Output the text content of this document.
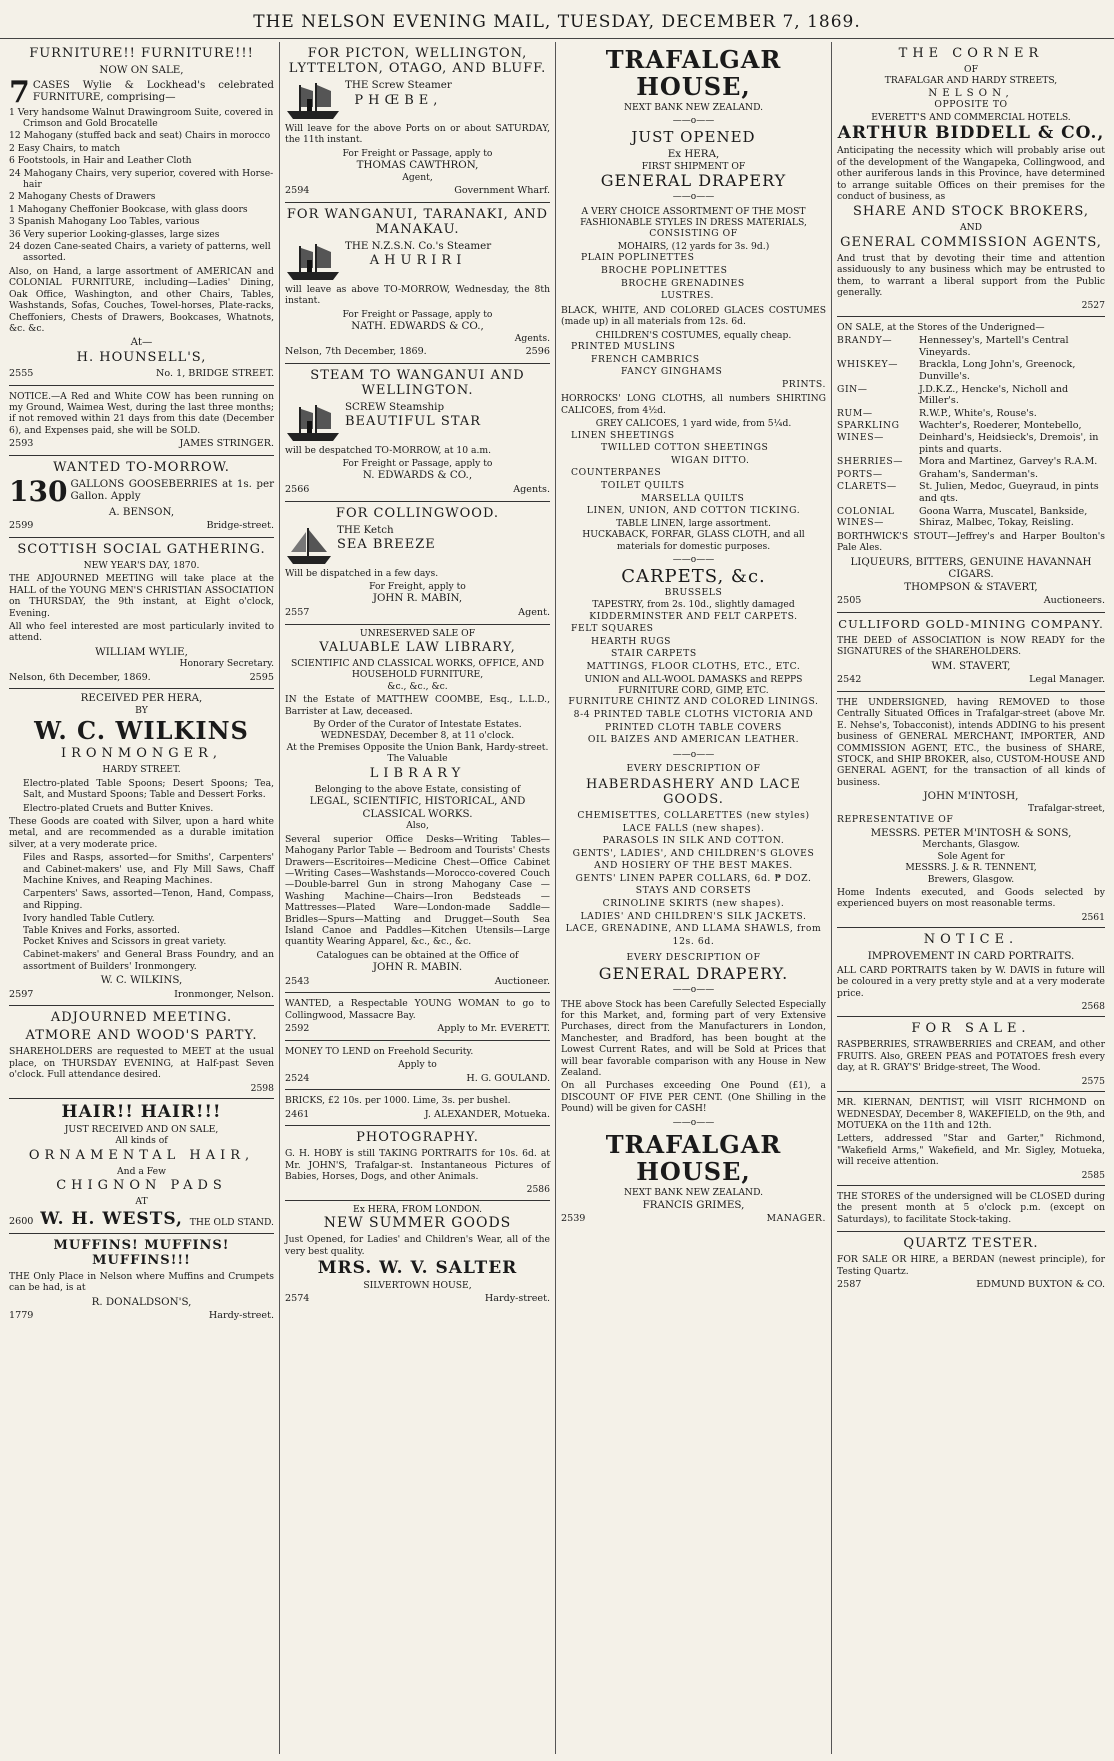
THE NELSON EVENING MAIL, TUESDAY, DECEMBER 7, 1869.
FURNITURE!! FURNITURE!!!
NOW ON SALE,
7 CASES Wylie & Lockhead's celebrated FURNITURE, comprising—
1 Very handsome Walnut Drawingroom Suite, covered in Crimson and Gold Brocatelle
12 Mahogany (stuffed back and seat) Chairs in morocco
2 Easy Chairs, to match
6 Footstools, in Hair and Leather Cloth
24 Mahogany Chairs, very superior, covered with Horse-hair
2 Mahogany Chests of Drawers
1 Mahogany Cheffonier Bookcase, with glass doors
3 Spanish Mahogany Loo Tables, various
36 Very superior Looking-glasses, large sizes
24 dozen Cane-seated Chairs, a variety of patterns, well assorted.
Also, on Hand, a large assortment of AMERICAN and COLONIAL FURNITURE, including—Ladies' Dining, Oak Office, Washington, and other Chairs, Tables, Washstands, Sofas, Couches, Towel-horses, Plate-racks, Cheffoniers, Chests of Drawers, Bookcases, Whatnots, &c. &c.
At—
H. HOUNSELL'S,
2555	No. 1, BRIDGE STREET.
NOTICE.—A Red and White COW has been running on my Ground, Waimea West, during the last three months; if not removed within 21 days from this date (December 6), and Expenses paid, she will be SOLD.
2593	JAMES STRINGER.
WANTED TO-MORROW.
130 GALLONS GOOSEBERRIES at 1s. per Gallon. Apply
A. BENSON,
2599	Bridge-street.
SCOTTISH SOCIAL GATHERING.
NEW YEAR'S DAY, 1870.
THE ADJOURNED MEETING will take place at the HALL of the YOUNG MEN'S CHRISTIAN ASSOCIATION on THURSDAY, the 9th instant, at Eight o'clock, Evening.
All who feel interested are most particularly invited to attend.
WILLIAM WYLIE,
Honorary Secretary.
Nelson, 6th December, 1869.	2595
RECEIVED PER HERA,
BY
W. C. WILKINS
IRONMONGER,
HARDY STREET.
Electro-plated Table Spoons; Desert Spoons; Tea, Salt, and Mustard Spoons; Table and Dessert Forks.
Electro-plated Cruets and Butter Knives.
These Goods are coated with Silver, upon a hard white metal, and are recommended as a durable imitation silver, at a very moderate price.
Files and Rasps, assorted—for Smiths', Carpenters' and Cabinet-makers' use, and Fly Mill Saws, Chaff Machine Knives, and Reaping Machines.
Carpenters' Saws, assorted—Tenon, Hand, Compass, and Ripping.
Ivory handled Table Cutlery.
Table Knives and Forks, assorted.
Pocket Knives and Scissors in great variety.
Cabinet-makers' and General Brass Foundry, and an assortment of Builders' Ironmongery.
W. C. WILKINS,
2597	Ironmonger, Nelson.
ADJOURNED MEETING.
ATMORE AND WOOD'S PARTY.
SHAREHOLDERS are requested to MEET at the usual place, on THURSDAY EVENING, at Half-past Seven o'clock. Full attendance desired.
2598
HAIR!! HAIR!!!
JUST RECEIVED AND ON SALE,
All kinds of
ORNAMENTAL HAIR,
And a Few
CHIGNON PADS
AT
2600 W. H. WESTS, THE OLD STAND.
MUFFINS! MUFFINS! MUFFINS!!!
THE Only Place in Nelson where Muffins and Crumpets can be had, is at
R. DONALDSON'S,
1779	Hardy-street.
FOR PICTON, WELLINGTON, LYTTELTON, OTAGO, AND BLUFF.
THE Screw Steamer
PHŒBE,
Will leave for the above Ports on or about SATURDAY, the 11th instant.
For Freight or Passage, apply to
THOMAS CAWTHRON,
Agent,
2594	Government Wharf.
FOR WANGANUI, TARANAKI, AND MANAKAU.
THE N.Z.S.N. Co.'s Steamer
AHURIRI
will leave as above TO-MORROW, Wednesday, the 8th instant.
For Freight or Passage, apply to
NATH. EDWARDS & CO.,
Agents.
Nelson, 7th December, 1869.	2596
STEAM TO WANGANUI AND WELLINGTON.
SCREW Steamship
BEAUTIFUL STAR
will be despatched TO-MORROW, at 10 a.m.
For Freight or Passage, apply to
N. EDWARDS & CO.,
2566	Agents.
FOR COLLINGWOOD.
THE Ketch
SEA BREEZE
Will be dispatched in a few days.
For Freight, apply to
JOHN R. MABIN,
2557	Agent.
UNRESERVED SALE OF
VALUABLE LAW LIBRARY,
SCIENTIFIC AND CLASSICAL WORKS, OFFICE, AND HOUSEHOLD FURNITURE,
&c., &c., &c.
IN the Estate of MATTHEW COOMBE, Esq., L.L.D., Barrister at Law, deceased.
By Order of the Curator of Intestate Estates.
WEDNESDAY, December 8, at 11 o'clock.
At the Premises Opposite the Union Bank, Hardy-street.
The Valuable
LIBRARY
Belonging to the above Estate, consisting of
LEGAL, SCIENTIFIC, HISTORICAL, AND CLASSICAL WORKS.
Also,
Several superior Office Desks—Writing Tables—Mahogany Parlor Table — Bedroom and Tourists' Chests Drawers—Escritoires—Medicine Chest—Office Cabinet—Writing Cases—Washstands—Morocco-covered Couch—Double-barrel Gun in strong Mahogany Case — Washing Machine—Chairs—Iron Bedsteads — Mattresses—Plated Ware—London-made Saddle—Bridles—Spurs—Matting and Drugget—South Sea Island Canoe and Paddles—Kitchen Utensils—Large quantity Wearing Apparel, &c., &c., &c.
Catalogues can be obtained at the Office of
JOHN R. MABIN.
2543	Auctioneer.
WANTED, a Respectable YOUNG WOMAN to go to Collingwood, Massacre Bay.
2592	Apply to Mr. EVERETT.
MONEY TO LEND on Freehold Security.
Apply to
2524	H. G. GOULAND.
BRICKS, £2 10s. per 1000. Lime, 3s. per bushel.
2461	J. ALEXANDER, Motueka.
PHOTOGRAPHY.
G. H. HOBY is still TAKING PORTRAITS for 10s. 6d. at Mr. JOHN'S, Trafalgar-st. Instantaneous Pictures of Babies, Horses, Dogs, and other Animals.
2586
Ex HERA, FROM LONDON.
NEW SUMMER GOODS
Just Opened, for Ladies' and Children's Wear, all of the very best quality.
MRS. W. V. SALTER
SILVERTOWN HOUSE,
2574	Hardy-street.
TRAFALGAR HOUSE,
NEXT BANK NEW ZEALAND.
——o——
JUST OPENED
Ex HERA,
FIRST SHIPMENT OF
GENERAL DRAPERY
——o——
A VERY CHOICE ASSORTMENT OF THE MOST FASHIONABLE STYLES IN DRESS MATERIALS,
CONSISTING OF
MOHAIRS, (12 yards for 3s. 9d.)
PLAIN POPLINETTES
BROCHE POPLINETTES
BROCHE GRENADINES
LUSTRES.
BLACK, WHITE, AND COLORED GLACES COSTUMES (made up) in all materials from 12s. 6d.
CHILDREN'S COSTUMES, equally cheap.
PRINTED MUSLINS
FRENCH CAMBRICS
FANCY GINGHAMS
PRINTS.
HORROCKS' LONG CLOTHS, all numbers SHIRTING CALICOES, from 4½d.
GREY CALICOES, 1 yard wide, from 5¼d.
LINEN SHEETINGS
TWILLED COTTON SHEETINGS
WIGAN DITTO.
COUNTERPANES
TOILET QUILTS
MARSELLA QUILTS
LINEN, UNION, AND COTTON TICKING.
TABLE LINEN, large assortment.
HUCKABACK, FORFAR, GLASS CLOTH, and all materials for domestic purposes.
——o——
CARPETS, &c.
BRUSSELS
TAPESTRY, from 2s. 10d., slightly damaged
KIDDERMINSTER AND FELT CARPETS.
FELT SQUARES
HEARTH RUGS
STAIR CARPETS
MATTINGS, FLOOR CLOTHS, ETC., ETC.
UNION and ALL-WOOL DAMASKS and REPPS FURNITURE CORD, GIMP, ETC.
FURNITURE CHINTZ AND COLORED LININGS.
8-4 PRINTED TABLE CLOTHS VICTORIA AND PRINTED CLOTH TABLE COVERS
OIL BAIZES AND AMERICAN LEATHER.
——o——
EVERY DESCRIPTION OF
HABERDASHERY AND LACE GOODS.
CHEMISETTES, COLLARETTES (new styles)
LACE FALLS (new shapes).
PARASOLS IN SILK AND COTTON.
GENTS', LADIES', AND CHILDREN'S GLOVES AND HOSIERY OF THE BEST MAKES.
GENTS' LINEN PAPER COLLARS, 6d. ₱ DOZ.
STAYS AND CORSETS
CRINOLINE SKIRTS (new shapes).
LADIES' AND CHILDREN'S SILK JACKETS.
LACE, GRENADINE, AND LLAMA SHAWLS, from 12s. 6d.
EVERY DESCRIPTION OF
GENERAL DRAPERY.
——o——
THE above Stock has been Carefully Selected Especially for this Market, and, forming part of very Extensive Purchases, direct from the Manufacturers in London, Manchester, and Bradford, has been bought at the Lowest Current Rates, and will be Sold at Prices that will bear favorable comparison with any House in New Zealand.
On all Purchases exceeding One Pound (£1), a DISCOUNT OF FIVE PER CENT. (One Shilling in the Pound) will be given for CASH!
——o——
TRAFALGAR HOUSE,
NEXT BANK NEW ZEALAND.
FRANCIS GRIMES,
2539	MANAGER.
THE CORNER
OF
TRAFALGAR AND HARDY STREETS,
NELSON,
OPPOSITE TO
EVERETT'S AND COMMERCIAL HOTELS.
ARTHUR BIDDELL & CO.,
Anticipating the necessity which will probably arise out of the development of the Wangapeka, Collingwood, and other auriferous lands in this Province, have determined to arrange suitable Offices on their premises for the conduct of business, as
SHARE AND STOCK BROKERS,
AND
GENERAL COMMISSION AGENTS,
And trust that by devoting their time and attention assiduously to any business which may be entrusted to them, to warrant a liberal support from the Public generally.
2527
ON SALE, at the Stores of the Underigned—
BRANDY—	Hennessey's, Martell's Central Vineyards.
WHISKEY—	Brackla, Long John's, Greenock, Dunville's.
GIN—	J.D.K.Z., Hencke's, Nicholl and Miller's.
RUM—	R.W.P., White's, Rouse's.
SPARKLING WINES—
Wachter's, Roederer, Montebello, Deinhard's, Heidsieck's, Dremois', in pints and quarts.
SHERRIES—	Mora and Martinez, Garvey's R.A.M.
PORTS—	Graham's, Sanderman's.
CLARETS—	St. Julien, Medoc, Gueyraud, in pints and qts.
COLONIAL WINES—
Goona Warra, Muscatel, Bankside, Shiraz, Malbec, Tokay, Reisling.
BORTHWICK'S STOUT—Jeffrey's and Harper Boulton's Pale Ales.
LIQUEURS, BITTERS, GENUINE HAVANNAH CIGARS.
THOMPSON & STAVERT,
2505	Auctioneers.
CULLIFORD GOLD-MINING COMPANY.
THE DEED of ASSOCIATION is NOW READY for the SIGNATURES of the SHAREHOLDERS.
WM. STAVERT,
2542	Legal Manager.
THE UNDERSIGNED, having REMOVED to those Centrally Situated Offices in Trafalgar-street (above Mr. E. Nehse's, Tobacconist), intends ADDING to his present business of GENERAL MERCHANT, IMPORTER, AND COMMISSION AGENT, ETC., the business of SHARE, STOCK, and SHIP BROKER, also, CUSTOM-HOUSE AND GENERAL AGENT, for the transaction of all kinds of business.
JOHN M'INTOSH,
Trafalgar-street,
REPRESENTATIVE OF
MESSRS. PETER M'INTOSH & SONS,
Merchants, Glasgow.
Sole Agent for
MESSRS. J. & R. TENNENT,
Brewers, Glasgow.
Home Indents executed, and Goods selected by experienced buyers on most reasonable terms.
2561
NOTICE.
IMPROVEMENT IN CARD PORTRAITS.
ALL CARD PORTRAITS taken by W. DAVIS in future will be coloured in a very pretty style and at a very moderate price.
2568
FOR SALE.
RASPBERRIES, STRAWBERRIES and CREAM, and other FRUITS. Also, GREEN PEAS and POTATOES fresh every day, at R. GRAY'S' Bridge-street, The Wood.
2575
MR. KIERNAN, DENTIST, will VISIT RICHMOND on WEDNESDAY, December 8, WAKEFIELD, on the 9th, and MOTUEKA on the 11th and 12th.
Letters, addressed "Star and Garter," Richmond, "Wakefield Arms," Wakefield, and Mr. Sigley, Motueka, will receive attention.
2585
THE STORES of the undersigned will be CLOSED during the present month at 5 o'clock p.m. (except on Saturdays), to facilitate Stock-taking.
QUARTZ TESTER.
FOR SALE OR HIRE, a BERDAN (newest principle), for Testing Quartz.
2587	EDMUND BUXTON & CO.
